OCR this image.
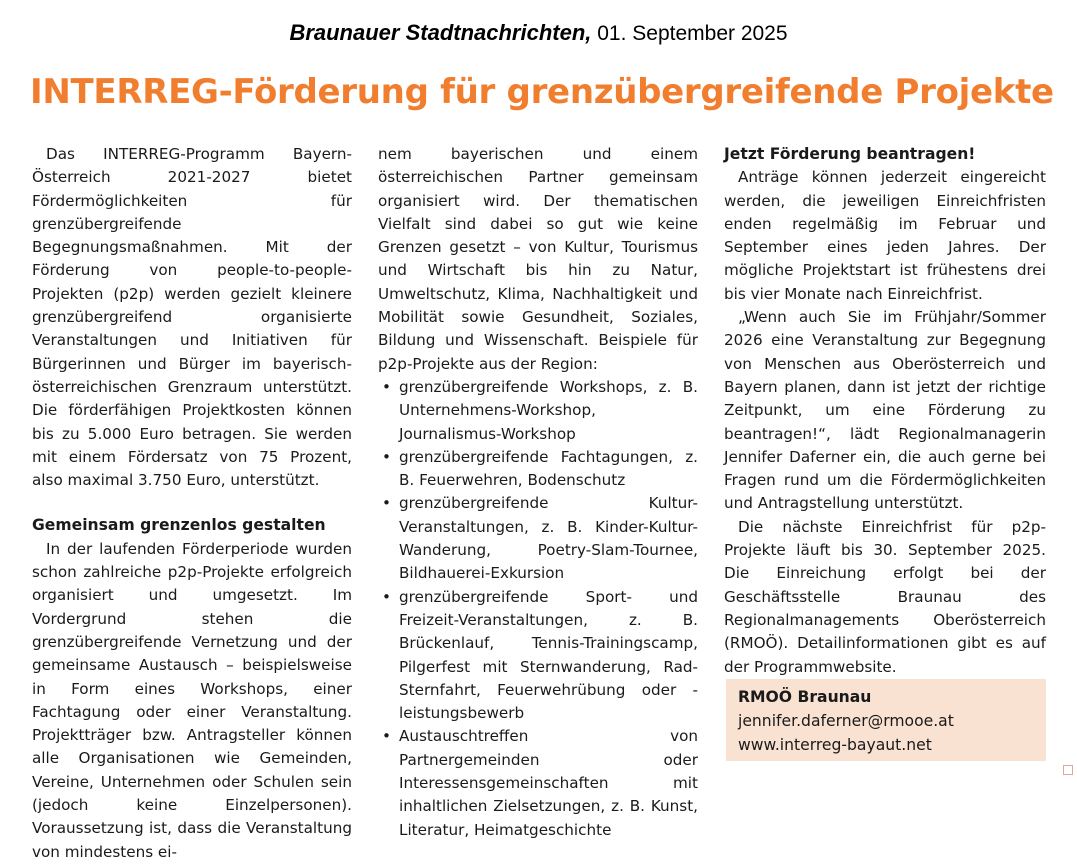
Braunauer Stadtnachrichten, 01. September 2025
INTERREG-Förderung für grenzübergreifende Projekte

Das INTERREG-Programm Bayern-Österreich 2021-2027 bietet Fördermöglichkeiten für grenzübergreifende Begegnungsmaßnahmen. Mit der Förderung von people-to-people-Projekten (p2p) werden gezielt kleinere grenzübergreifend organisierte Veranstaltungen und Initiativen für Bürgerinnen und Bürger im bayerisch-österreichischen Grenzraum unterstützt. Die förderfähigen Projektkosten können bis zu 5.000 Euro betragen. Sie werden mit einem Fördersatz von 75 Prozent, also maximal 3.750 Euro, unterstützt.

Gemeinsam grenzenlos gestalten

In der laufenden Förderperiode wurden schon zahlreiche p2p-Projekte erfolgreich organisiert und umgesetzt. Im Vordergrund stehen die grenzübergreifende Vernetzung und der gemeinsame Austausch – beispielsweise in Form eines Workshops, einer Fachtagung oder einer Veranstaltung. Projektträger bzw. Antragsteller können alle Organisationen wie Gemeinden, Vereine, Unternehmen oder Schulen sein (jedoch keine Einzelpersonen). Voraussetzung ist, dass die Veranstaltung von mindestens ei-

nem bayerischen und einem österreichischen Partner gemeinsam organisiert wird. Der thematischen Vielfalt sind dabei so gut wie keine Grenzen gesetzt – von Kultur, Tourismus und Wirtschaft bis hin zu Natur, Umweltschutz, Klima, Nachhaltigkeit und Mobilität sowie Gesundheit, Soziales, Bildung und Wissenschaft. Beispiele für p2p-Projekte aus der Region:

• grenzübergreifende Workshops, z. B. Unternehmens-Workshop, Journalismus-Workshop
• grenzübergreifende Fachtagungen, z. B. Feuerwehren, Bodenschutz
• grenzübergreifende Kultur-Veranstaltungen, z. B. Kinder-Kultur-Wanderung, Poetry-Slam-Tournee, Bildhauerei-Exkursion
• grenzübergreifende Sport- und Freizeit-Veranstaltungen, z. B. Brückenlauf, Tennis-Trainingscamp, Pilgerfest mit Sternwanderung, Rad-Sternfahrt, Feuerwehrübung oder -leistungsbewerb
• Austauschtreffen von Partnergemeinden oder Interessensgemeinschaften mit inhaltlichen Zielsetzungen, z. B. Kunst, Literatur, Heimatgeschichte
Jetzt Förderung beantragen!

Anträge können jederzeit eingereicht werden, die jeweiligen Einreichfristen enden regelmäßig im Februar und September eines jeden Jahres. Der mögliche Projektstart ist frühestens drei bis vier Monate nach Einreichfrist.

„Wenn auch Sie im Frühjahr/Sommer 2026 eine Veranstaltung zur Begegnung von Menschen aus Oberösterreich und Bayern planen, dann ist jetzt der richtige Zeitpunkt, um eine Förderung zu beantragen!“, lädt Regionalmanagerin Jennifer Daferner ein, die auch gerne bei Fragen rund um die Fördermöglichkeiten und Antragstellung unterstützt.

Die nächste Einreichfrist für p2p-Projekte läuft bis 30. September 2025. Die Einreichung erfolgt bei der Geschäftsstelle Braunau des Regionalmanagements Oberösterreich (RMOÖ). Detailinformationen gibt es auf der Programmwebsite.

RMOÖ Braunau
jennifer.daferner@rmooe.at
www.interreg-bayaut.net
